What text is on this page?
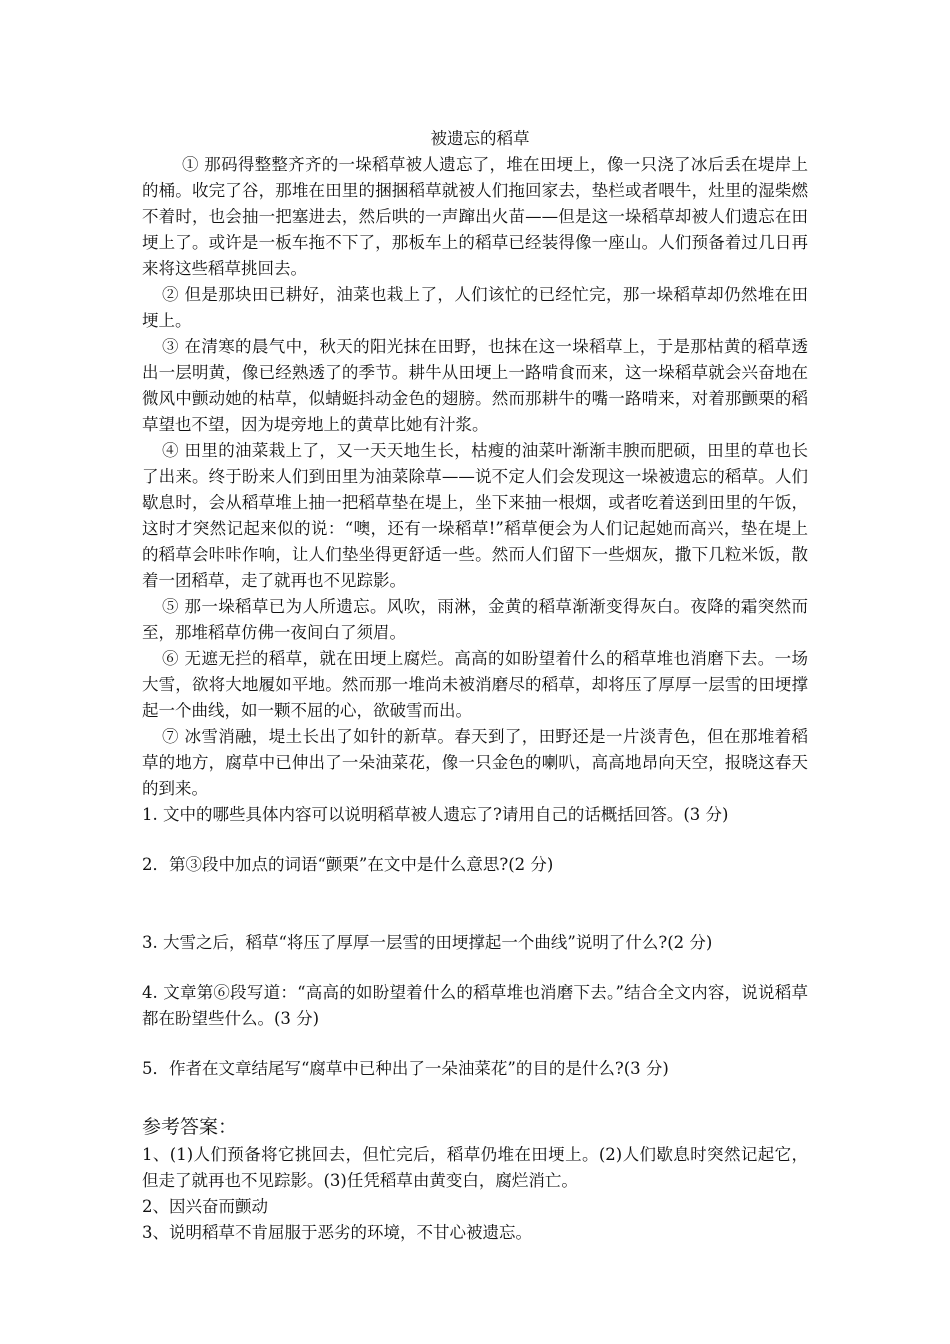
被遗忘的稻草

① 那码得整整齐齐的一垛稻草被人遗忘了，堆在田埂上，像一只浇了冰后丢在堤岸上的桶。收完了谷，那堆在田里的捆捆稻草就被人们拖回家去，垫栏或者喂牛，灶里的湿柴燃不着时，也会抽一把塞进去，然后哄的一声蹿出火苗——但是这一垛稻草却被人们遗忘在田埂上了。或许是一板车拖不下了，那板车上的稻草已经装得像一座山。人们预备着过几日再来将这些稻草挑回去。

② 但是那块田已耕好，油菜也栽上了，人们该忙的已经忙完，那一垛稻草却仍然堆在田埂上。

③ 在清寒的晨气中，秋天的阳光抹在田野，也抹在这一垛稻草上，于是那枯黄的稻草透出一层明黄，像已经熟透了的季节。耕牛从田埂上一路啃食而来，这一垛稻草就会兴奋地在微风中颤动她的枯草，似蜻蜓抖动金色的翅膀。然而那耕牛的嘴一路啃来，对着那颤栗的稻草望也不望，因为堤旁地上的黄草比她有汁浆。

④ 田里的油菜栽上了，又一天天地生长，枯瘦的油菜叶渐渐丰腴而肥硕，田里的草也长了出来。终于盼来人们到田里为油菜除草——说不定人们会发现这一垛被遗忘的稻草。人们歇息时，会从稻草堆上抽一把稻草垫在堤上，坐下来抽一根烟，或者吃着送到田里的午饭，这时才突然记起来似的说：“噢，还有一垛稻草!”稻草便会为人们记起她而高兴，垫在堤上的稻草会咔咔作响，让人们垫坐得更舒适一些。然而人们留下一些烟灰，撒下几粒米饭，散着一团稻草，走了就再也不见踪影。

⑤ 那一垛稻草已为人所遗忘。风吹，雨淋，金黄的稻草渐渐变得灰白。夜降的霜突然而至，那堆稻草仿佛一夜间白了须眉。

⑥ 无遮无拦的稻草，就在田埂上腐烂。高高的如盼望着什么的稻草堆也消磨下去。一场大雪，欲将大地履如平地。然而那一堆尚未被消磨尽的稻草，却将压了厚厚一层雪的田埂撑起一个曲线，如一颗不屈的心，欲破雪而出。

⑦ 冰雪消融，堤土长出了如针的新草。春天到了，田野还是一片淡青色，但在那堆着稻草的地方，腐草中已伸出了一朵油菜花，像一只金色的喇叭，高高地昂向天空，报晓这春天的到来。

1. 文中的哪些具体内容可以说明稻草被人遗忘了?请用自己的话概括回答。(3 分)

2．第③段中加点的词语“颤栗”在文中是什么意思?(2 分)

3. 大雪之后，稻草“将压了厚厚一层雪的田埂撑起一个曲线”说明了什么?(2 分)

4. 文章第⑥段写道：“高高的如盼望着什么的稻草堆也消磨下去。”结合全文内容，说说稻草都在盼望些什么。(3 分)

5．作者在文章结尾写“腐草中已种出了一朵油菜花”的目的是什么?(3 分)

参考答案：

1、(1)人们预备将它挑回去，但忙完后，稻草仍堆在田埂上。(2)人们歇息时突然记起它，但走了就再也不见踪影。(3)任凭稻草由黄变白，腐烂消亡。

2、因兴奋而颤动

3、说明稻草不肯屈服于恶劣的环境，不甘心被遗忘。
